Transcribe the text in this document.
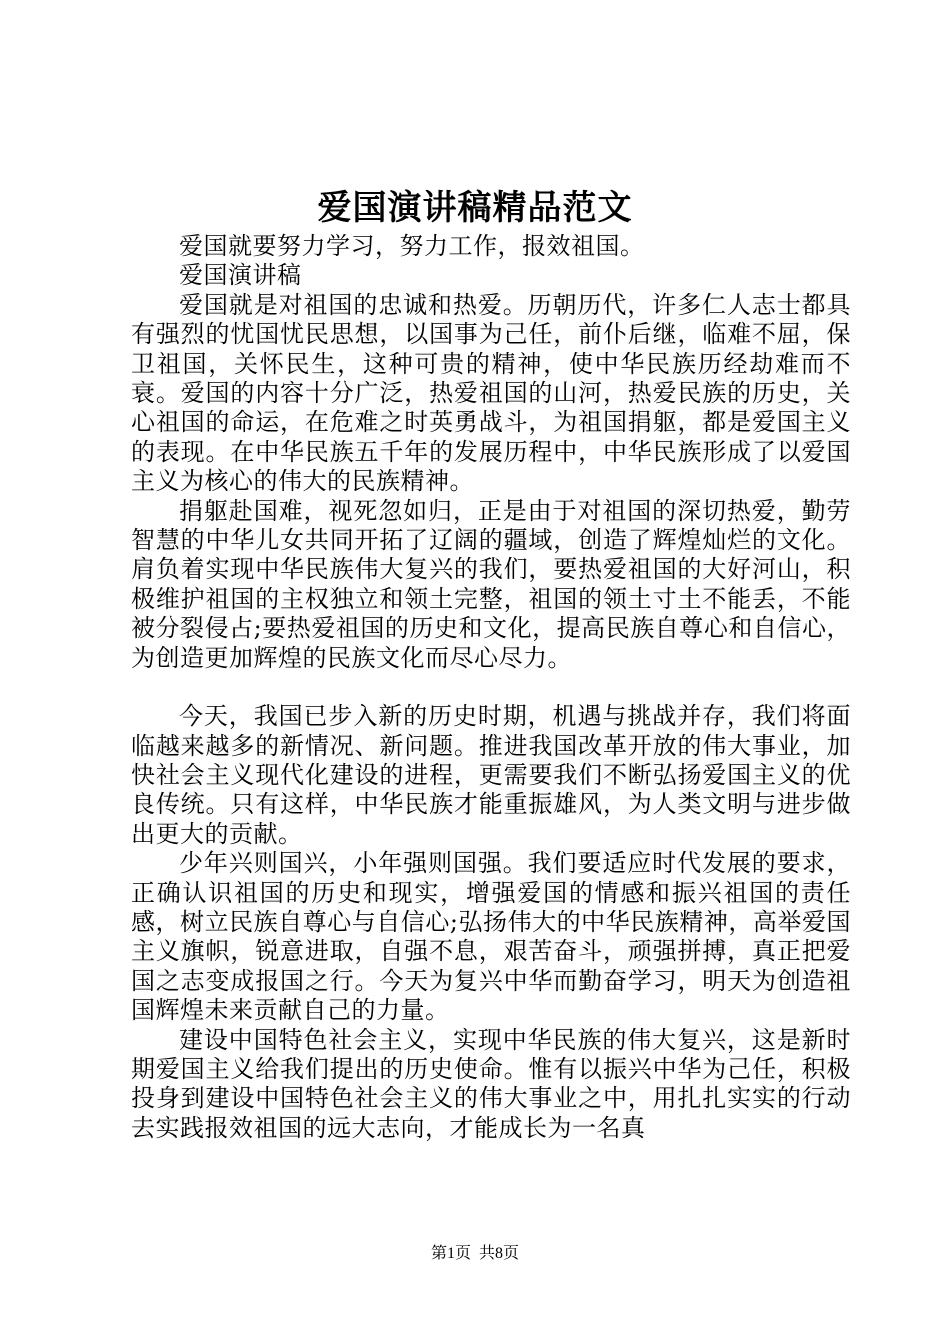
爱国演讲稿精品范文

爱国就要努力学习，努力工作，报效祖国。

爱国演讲稿

爱国就是对祖国的忠诚和热爱。历朝历代，许多仁人志士都具有强烈的忧国忧民思想，以国事为己任，前仆后继，临难不屈，保卫祖国，关怀民生，这种可贵的精神，使中华民族历经劫难而不衰。爱国的内容十分广泛，热爱祖国的山河，热爱民族的历史，关心祖国的命运，在危难之时英勇战斗，为祖国捐躯，都是爱国主义的表现。在中华民族五千年的发展历程中，中华民族形成了以爱国主义为核心的伟大的民族精神。

捐躯赴国难，视死忽如归，正是由于对祖国的深切热爱，勤劳智慧的中华儿女共同开拓了辽阔的疆域，创造了辉煌灿烂的文化。肩负着实现中华民族伟大复兴的我们，要热爱祖国的大好河山，积极维护祖国的主权独立和领土完整，祖国的领土寸土不能丢，不能被分裂侵占;要热爱祖国的历史和文化，提高民族自尊心和自信心，为创造更加辉煌的民族文化而尽心尽力。

今天，我国已步入新的历史时期，机遇与挑战并存，我们将面临越来越多的新情况、新问题。推进我国改革开放的伟大事业，加快社会主义现代化建设的进程，更需要我们不断弘扬爱国主义的优良传统。只有这样，中华民族才能重振雄风，为人类文明与进步做出更大的贡献。

少年兴则国兴，小年强则国强。我们要适应时代发展的要求，正确认识祖国的历史和现实，增强爱国的情感和振兴祖国的责任感，树立民族自尊心与自信心;弘扬伟大的中华民族精神，高举爱国主义旗帜，锐意进取，自强不息，艰苦奋斗，顽强拼搏，真正把爱国之志变成报国之行。今天为复兴中华而勤奋学习，明天为创造祖国辉煌未来贡献自己的力量。

建设中国特色社会主义，实现中华民族的伟大复兴，这是新时期爱国主义给我们提出的历史使命。惟有以振兴中华为己任，积极投身到建设中国特色社会主义的伟大事业之中，用扎扎实实的行动去实践报效祖国的远大志向，才能成长为一名真

第1页 共8页
